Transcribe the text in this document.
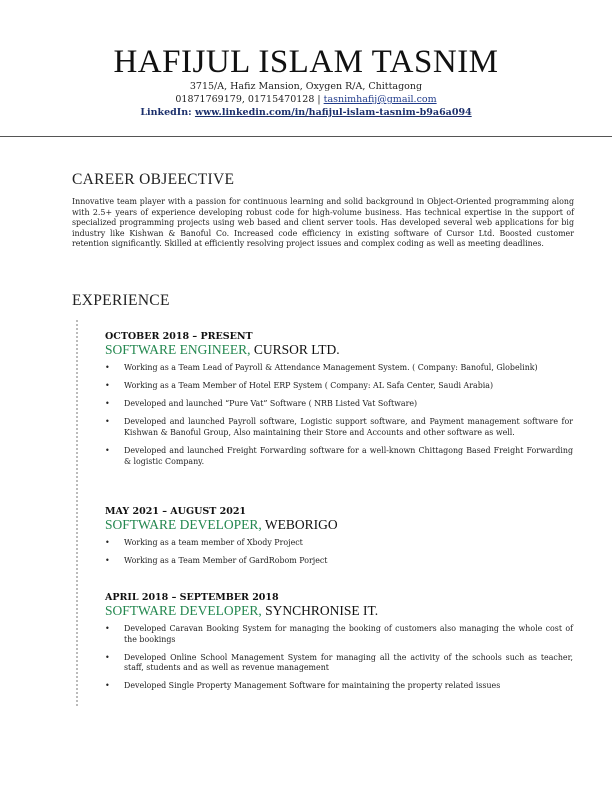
HAFIJUL ISLAM TASNIM
3715/A, Hafiz Mansion, Oxygen R/A, Chittagong
01871769179, 01715470128 | tasnimhafij@gmail.com
LinkedIn: www.linkedin.com/in/hafijul-islam-tasnim-b9a6a094
CAREER OBJEECTIVE

Innovative team player with a passion for continuous learning and solid background in Object-Oriented programming along with 2.5+ years of experience developing robust code for high-volume business. Has technical expertise in the support of specialized programming projects using web based and client server tools. Has developed several web applications for big industry like Kishwan & Banoful Co. Increased code efficiency in existing software of Cursor Ltd. Boosted customer retention significantly. Skilled at efficiently resolving project issues and complex coding as well as meeting deadlines.

EXPERIENCE
OCTOBER 2018 – PRESENT
SOFTWARE ENGINEER, CURSOR LTD.
• Working as a Team Lead of Payroll & Attendance Management System. ( Company: Banoful, Globelink)
• Working as a Team Member of Hotel ERP System ( Company: AL Safa Center, Saudi Arabia)
• Developed and launched “Pure Vat” Software ( NRB Listed Vat Software)
• Developed and launched Payroll software, Logistic support software, and Payment management software for Kishwan & Banoful Group, Also maintaining their Store and Accounts and other software as well.
• Developed and launched Freight Forwarding software for a well-known Chittagong Based Freight Forwarding & logistic Company.
MAY 2021 – AUGUST 2021
SOFTWARE DEVELOPER, WEBORIGO
• Working as a team member of Xbody Project
• Working as a Team Member of GardRobom Porject
APRIL 2018 – SEPTEMBER 2018
SOFTWARE DEVELOPER, SYNCHRONISE IT.
• Developed Caravan Booking System for managing the booking of customers also managing the whole cost of the bookings
• Developed Online School Management System for managing all the activity of the schools such as teacher, staff, students and as well as revenue management
• Developed Single Property Management Software for maintaining the property related issues
